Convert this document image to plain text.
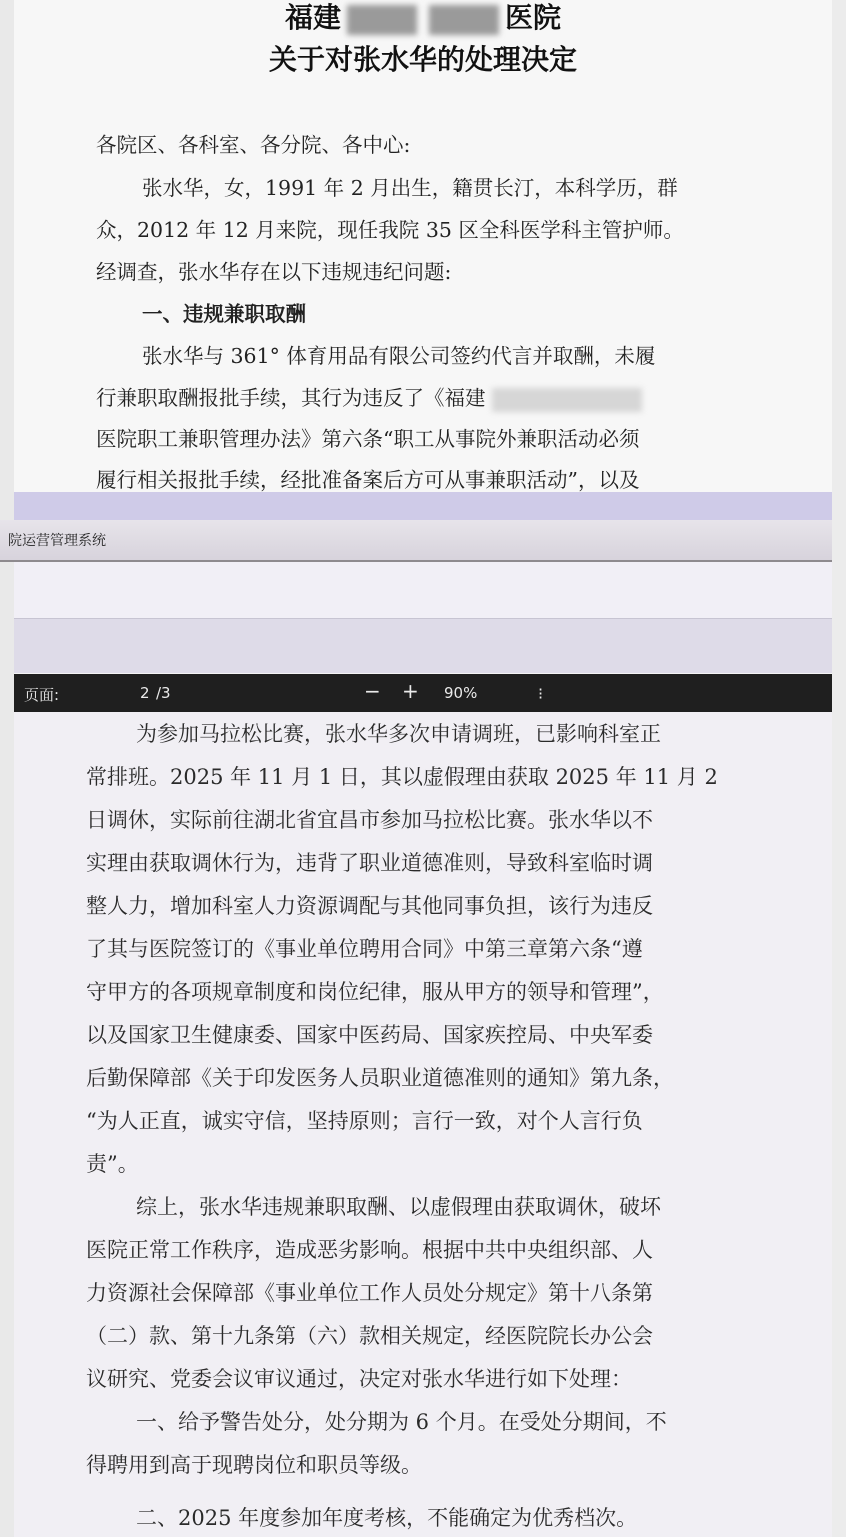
福建	医院
关于对张水华的处理决定
各院区、各科室、各分院、各中心:
张水华，女，1991 年 2 月出生，籍贯长汀，本科学历，群
众，2012 年 12 月来院，现任我院 35 区全科医学科主管护师。
经调查，张水华存在以下违规违纪问题:
一、违规兼职取酬
张水华与 361° 体育用品有限公司签约代言并取酬，未履
行兼职取酬报批手续，其行为违反了《福建
医院职工兼职管理办法》第六条“职工从事院外兼职活动必须
履行相关报批手续，经批准备案后方可从事兼职活动”，以及
院运营管理系统
页面:	2 /3	− + 90%	⁝
为参加马拉松比赛，张水华多次申请调班，已影响科室正
常排班。2025 年 11 月 1 日，其以虚假理由获取 2025 年 11 月 2
日调休，实际前往湖北省宜昌市参加马拉松比赛。张水华以不
实理由获取调休行为，违背了职业道德准则，导致科室临时调
整人力，增加科室人力资源调配与其他同事负担，该行为违反
了其与医院签订的《事业单位聘用合同》中第三章第六条“遵
守甲方的各项规章制度和岗位纪律，服从甲方的领导和管理”，
以及国家卫生健康委、国家中医药局、国家疾控局、中央军委
后勤保障部《关于印发医务人员职业道德准则的通知》第九条，
“为人正直，诚实守信，坚持原则；言行一致，对个人言行负
责”。
综上，张水华违规兼职取酬、以虚假理由获取调休，破坏
医院正常工作秩序，造成恶劣影响。根据中共中央组织部、人
力资源社会保障部《事业单位工作人员处分规定》第十八条第
（二）款、第十九条第（六）款相关规定，经医院院长办公会
议研究、党委会议审议通过，决定对张水华进行如下处理：
一、给予警告处分，处分期为 6 个月。在受处分期间，不
得聘用到高于现聘岗位和职员等级。
二、2025 年度参加年度考核，不能确定为优秀档次。
